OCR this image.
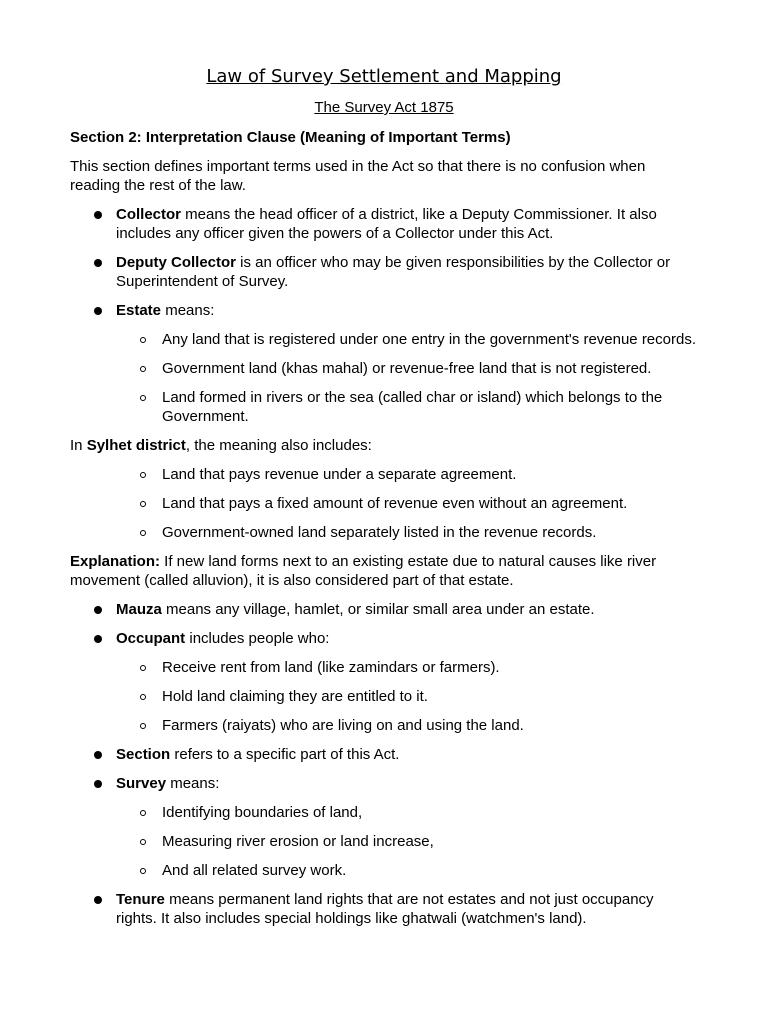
Law of Survey Settlement and Mapping
The Survey Act 1875
Section 2: Interpretation Clause (Meaning of Important Terms)

This section defines important terms used in the Act so that there is no confusion when reading the rest of the law.

Collector means the head officer of a district, like a Deputy Commissioner. It also includes any officer given the powers of a Collector under this Act.
Deputy Collector is an officer who may be given responsibilities by the Collector or Superintendent of Survey.
Estate means:
Any land that is registered under one entry in the government's revenue records.
Government land (khas mahal) or revenue-free land that is not registered.
Land formed in rivers or the sea (called char or island) which belongs to the Government.

In Sylhet district, the meaning also includes:

Land that pays revenue under a separate agreement.
Land that pays a fixed amount of revenue even without an agreement.
Government-owned land separately listed in the revenue records.

Explanation: If new land forms next to an existing estate due to natural causes like river movement (called alluvion), it is also considered part of that estate.

Mauza means any village, hamlet, or similar small area under an estate.
Occupant includes people who:
Receive rent from land (like zamindars or farmers).
Hold land claiming they are entitled to it.
Farmers (raiyats) who are living on and using the land.
Section refers to a specific part of this Act.
Survey means:
Identifying boundaries of land,
Measuring river erosion or land increase,
And all related survey work.
Tenure means permanent land rights that are not estates and not just occupancy rights. It also includes special holdings like ghatwali (watchmen's land).
